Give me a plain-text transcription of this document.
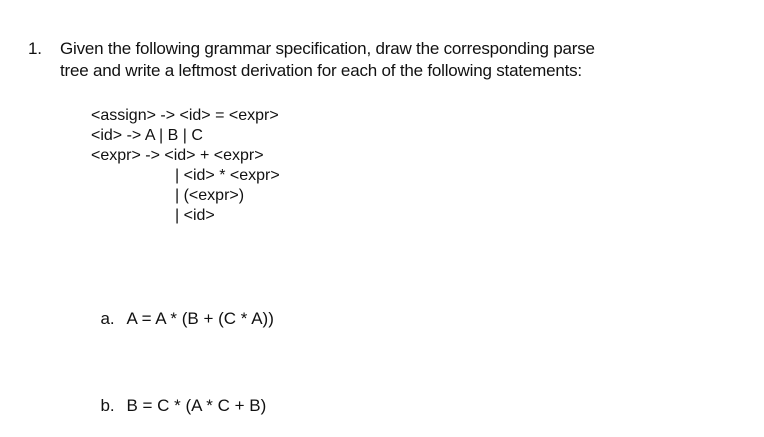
1. Given the following grammar specification, draw the corresponding parse
tree and write a leftmost derivation for each of the following statements:
<assign> -> <id> = <expr>
<id> -> A | B | C
<expr> -> <id> + <expr>
| <id> * <expr>
| (<expr>)
| <id>

a. A = A * (B + (C * A))

b. B = C * (A * C + B)
